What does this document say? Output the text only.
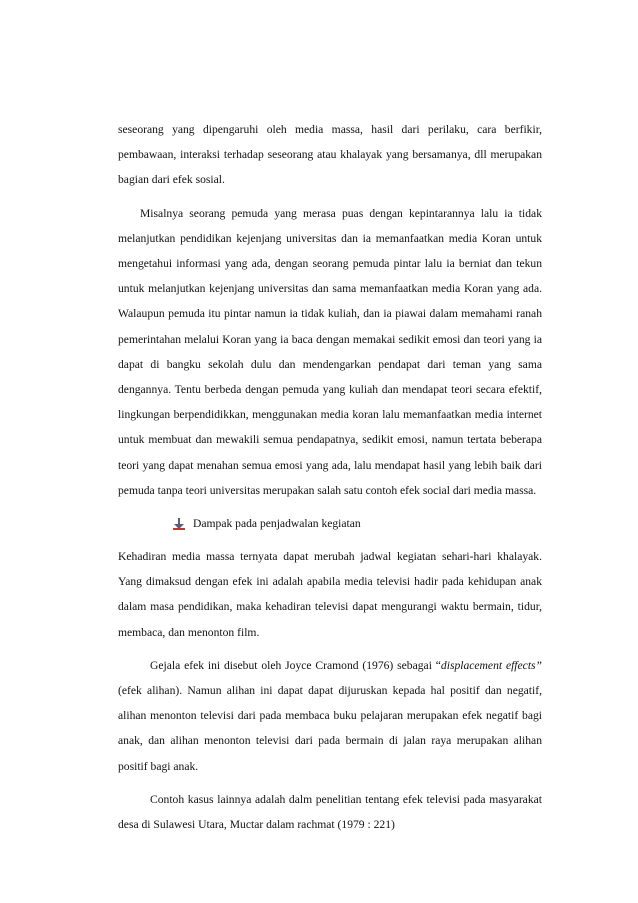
seseorang yang dipengaruhi oleh media massa, hasil dari perilaku, cara berfikir, pembawaan, interaksi terhadap seseorang atau khalayak yang bersamanya, dll merupakan bagian dari efek sosial.

Misalnya seorang pemuda yang merasa puas dengan kepintarannya lalu ia tidak melanjutkan pendidikan kejenjang universitas dan ia memanfaatkan media Koran untuk mengetahui informasi yang ada, dengan seorang pemuda pintar lalu ia berniat dan tekun untuk melanjutkan kejenjang universitas dan sama memanfaatkan media Koran yang ada. Walaupun pemuda itu pintar namun ia tidak kuliah, dan ia piawai dalam memahami ranah pemerintahan melalui Koran yang ia baca dengan memakai sedikit emosi dan teori yang ia dapat di bangku sekolah dulu dan mendengarkan pendapat dari teman yang sama dengannya. Tentu berbeda dengan pemuda yang kuliah dan mendapat teori secara efektif, lingkungan berpendidikkan, menggunakan media koran lalu memanfaatkan media internet untuk membuat dan mewakili semua pendapatnya, sedikit emosi, namun tertata beberapa teori yang dapat menahan semua emosi yang ada, lalu mendapat hasil yang lebih baik dari pemuda tanpa teori universitas merupakan salah satu contoh efek social dari media massa.

Dampak pada penjadwalan kegiatan

Kehadiran media massa ternyata dapat merubah jadwal kegiatan sehari-hari khalayak. Yang dimaksud dengan efek ini adalah apabila media televisi hadir pada kehidupan anak dalam masa pendidikan, maka kehadiran televisi dapat mengurangi waktu bermain, tidur, membaca, dan menonton film.

Gejala efek ini disebut oleh Joyce Cramond (1976) sebagai “displacement effects” (efek alihan). Namun alihan ini dapat dapat dijuruskan kepada hal positif dan negatif, alihan menonton televisi dari pada membaca buku pelajaran merupakan efek negatif bagi anak, dan alihan menonton televisi dari pada bermain di jalan raya merupakan alihan positif bagi anak.

Contoh kasus lainnya adalah dalm penelitian tentang efek televisi pada masyarakat desa di Sulawesi Utara, Muctar dalam rachmat (1979 : 221)
